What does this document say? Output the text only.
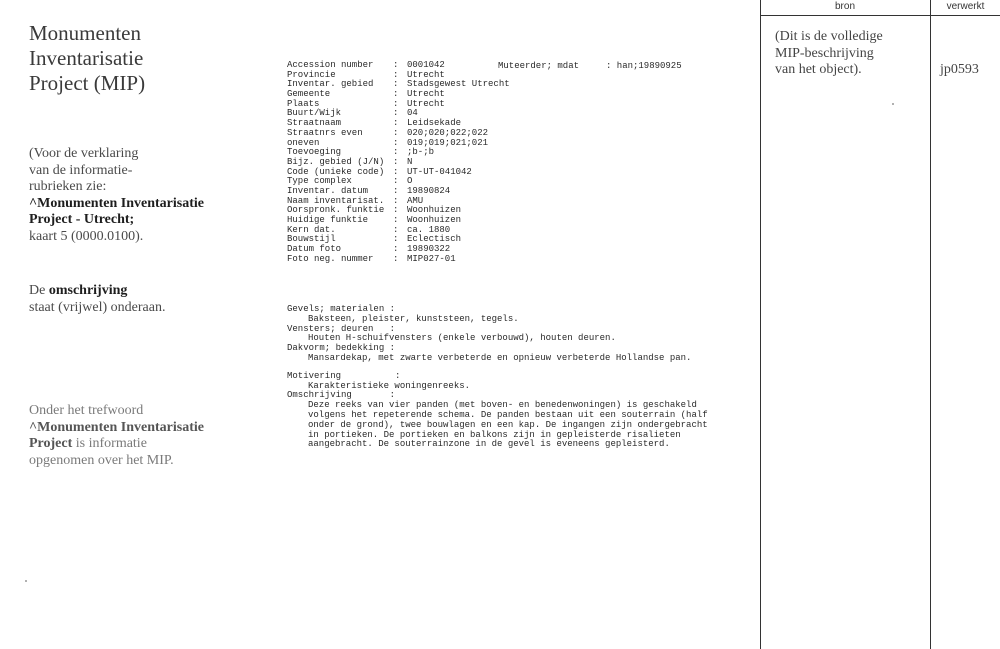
Monumenten
Inventarisatie
Project (MIP)
(Voor de verklaring
van de informatie-
rubrieken zie:
^Monumenten Inventarisatie
Project - Utrecht;
kaart 5 (0000.0100).
De omschrijving
staat (vrijwel) onderaan.
Onder het trefwoord
^Monumenten Inventarisatie
Project is informatie
opgenomen over het MIP.
Accession number	: 0001042
Provincie	: Utrecht
Inventar. gebied	: Stadsgewest Utrecht
Gemeente	: Utrecht
Plaats	: Utrecht
Buurt/Wijk	: 04
Straatnaam	: Leidsekade
Straatnrs even	: 020;020;022;022
oneven	: 019;019;021;021
Toevoeging	: ;b-;b
Bijz. gebied (J/N) : N
Code (unieke code) : UT-UT-041042
Type complex	: O
Inventar. datum	: 19890824
Naam inventarisat. : AMU
Oorspronk. funktie : Woonhuizen
Huidige funktie	: Woonhuizen
Kern dat.	: ca. 1880
Bouwstijl	: Eclectisch
Datum foto	: 19890322
Foto neg. nummer	: MIP027-01
Muteerder; mdat	: han;19890925
Gevels; materialen :
Baksteen, pleister, kunststeen, tegels.
Vensters; deuren   :
Houten H-schuifvensters (enkele verbouwd), houten deuren.
Dakvorm; bedekking :
Mansardekap, met zwarte verbeterde en opnieuw verbeterde Hollandse pan.
Motivering          :
Karakteristieke woningenreeks.
Omschrijving       :
Deze reeks van vier panden (met boven- en benedenwoningen) is geschakeld
volgens het repeterende schema. De panden bestaan uit een souterrain (half
onder de grond), twee bouwlagen en een kap. De ingangen zijn ondergebracht
in portieken. De portieken en balkons zijn in gepleisterde risalieten
aangebracht. De souterrainzone in de gevel is eveneens gepleisterd.
bron	verwerkt
(Dit is de volledige
MIP-beschrijving
van het object).	jp0593
